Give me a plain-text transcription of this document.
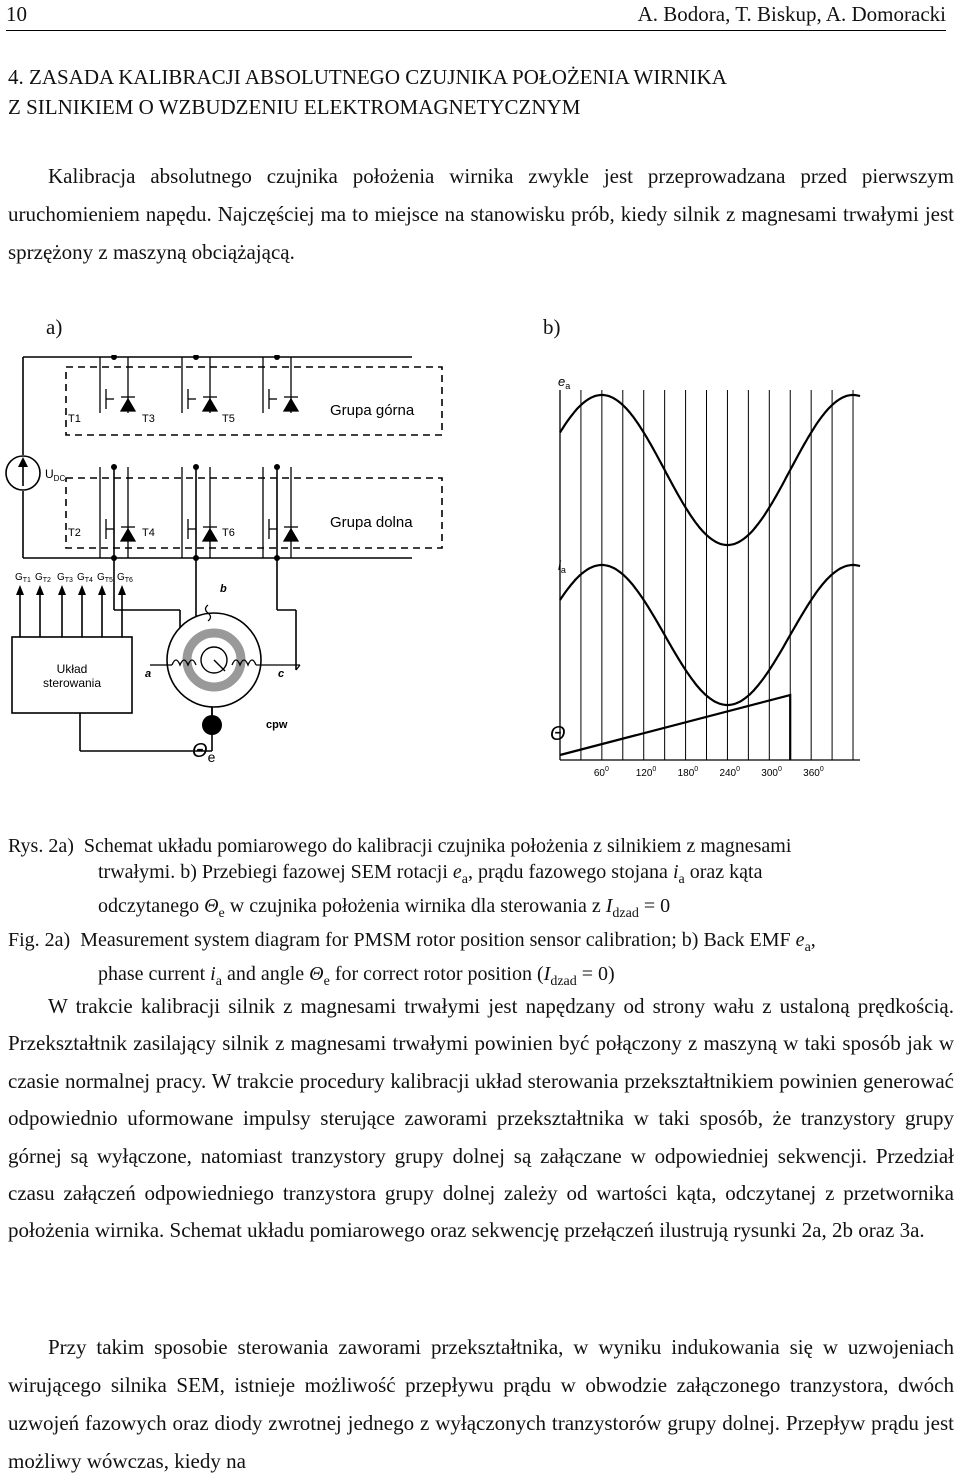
10	A. Bodora, T. Biskup, A. Domoracki
4. ZASADA KALIBRACJI ABSOLUTNEGO CZUJNIKA POŁOŻENIA WIRNIKA
Z SILNIKIEM O WZBUDZENIU ELEKTROMAGNETYCZNYM
Kalibracja absolutnego czujnika położenia wirnika zwykle jest przeprowadzana przed pierwszym uruchomieniem napędu. Najczęściej ma to miejsce na stanowisku prób, kiedy silnik z magnesami trwałymi jest sprzężony z maszyną obciążającą.
a)	b)
$U_{DC}$
T1	T3	T5
T2	T4	T6
Grupa górna
Grupa dolna
$G_{T1}$ $G_{T2}$ $G_{T3}$ $G_{T4}$ $G_{T5}$ $G_{T6}$
Układ
sterowania
b
a	c
cpw
$\Theta_e$
$e_a$
$i_a$
Θ
$60^0$	$120^0$ $180^0$ $240^0$ $300^0$ $360^0$
Rys. 2a) Schemat układu pomiarowego do kalibracji czujnika położenia z silnikiem z magnesami
trwałymi. b) Przebiegi fazowej SEM rotacji $e_a$, prądu fazowego stojana $i_a$ oraz kąta
odczytanego $\Theta_e$ w czujnika położenia wirnika dla sterowania z $I_{dzad} = 0$
Fig. 2a) Measurement system diagram for PMSM rotor position sensor calibration; b) Back EMF $e_a$,
phase current $i_a$ and angle $\Theta_e$ for correct rotor position $(I_{dzad} = 0)$
W trakcie kalibracji silnik z magnesami trwałymi jest napędzany od strony wału z ustaloną prędkością. Przekształtnik zasilający silnik z magnesami trwałymi powinien być połączony z maszyną w taki sposób jak w czasie normalnej pracy. W trakcie procedury kalibracji układ sterowania przekształtnikiem powinien generować odpowiednio uformowane impulsy sterujące zaworami przekształtnika w taki sposób, że tranzystory grupy górnej są wyłączone, natomiast tranzystory grupy dolnej są załączane w odpowiedniej sekwencji. Przedział czasu załączeń odpowiedniego tranzystora grupy dolnej zależy od wartości kąta, odczytanej z przetwornika położenia wirnika. Schemat układu pomiarowego oraz sekwencję przełączeń ilustrują rysunki 2a, 2b oraz 3a.
Przy takim sposobie sterowania zaworami przekształtnika, w wyniku indukowania się w uzwojeniach wirującego silnika SEM, istnieje możliwość przepływu prądu w obwodzie załączonego tranzystora, dwóch uzwojeń fazowych oraz diody zwrotnej jednego z wyłączonych tranzystorów grupy dolnej. Przepływ prądu jest możliwy wówczas, kiedy na
